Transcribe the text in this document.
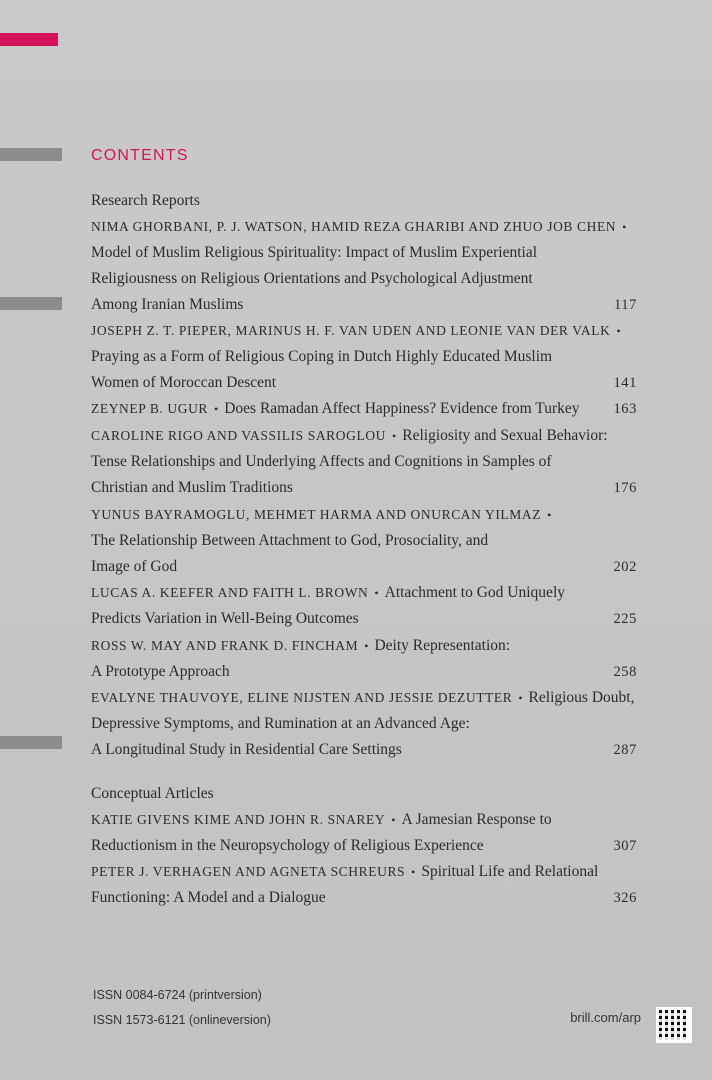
CONTENTS
Research Reports
NIMA GHORBANI, P. J. WATSON, HAMID REZA GHARIBI AND ZHUO JOB CHEN •
Model of Muslim Religious Spirituality: Impact of Muslim Experiential
Religiousness on Religious Orientations and Psychological Adjustment
Among Iranian Muslims	117
JOSEPH Z. T. PIEPER, MARINUS H. F. VAN UDEN AND LEONIE VAN DER VALK •
Praying as a Form of Religious Coping in Dutch Highly Educated Muslim
Women of Moroccan Descent	141
ZEYNEP B. UGUR • Does Ramadan Affect Happiness? Evidence from Turkey	163
CAROLINE RIGO AND VASSILIS SAROGLOU • Religiosity and Sexual Behavior:
Tense Relationships and Underlying Affects and Cognitions in Samples of
Christian and Muslim Traditions	176
YUNUS BAYRAMOGLU, MEHMET HARMA AND ONURCAN YILMAZ •
The Relationship Between Attachment to God, Prosociality, and
Image of God	202
LUCAS A. KEEFER AND FAITH L. BROWN • Attachment to God Uniquely
Predicts Variation in Well-Being Outcomes	225
ROSS W. MAY AND FRANK D. FINCHAM • Deity Representation:
A Prototype Approach	258
EVALYNE THAUVOYE, ELINE NIJSTEN AND JESSIE DEZUTTER • Religious Doubt,
Depressive Symptoms, and Rumination at an Advanced Age:
A Longitudinal Study in Residential Care Settings	287
Conceptual Articles
KATIE GIVENS KIME AND JOHN R. SNAREY • A Jamesian Response to
Reductionism in the Neuropsychology of Religious Experience	307
PETER J. VERHAGEN AND AGNETA SCHREURS • Spiritual Life and Relational
Functioning: A Model and a Dialogue	326
ISSN 0084-6724 (printversion)
ISSN 1573-6121 (onlineversion)	brill.com/arp
